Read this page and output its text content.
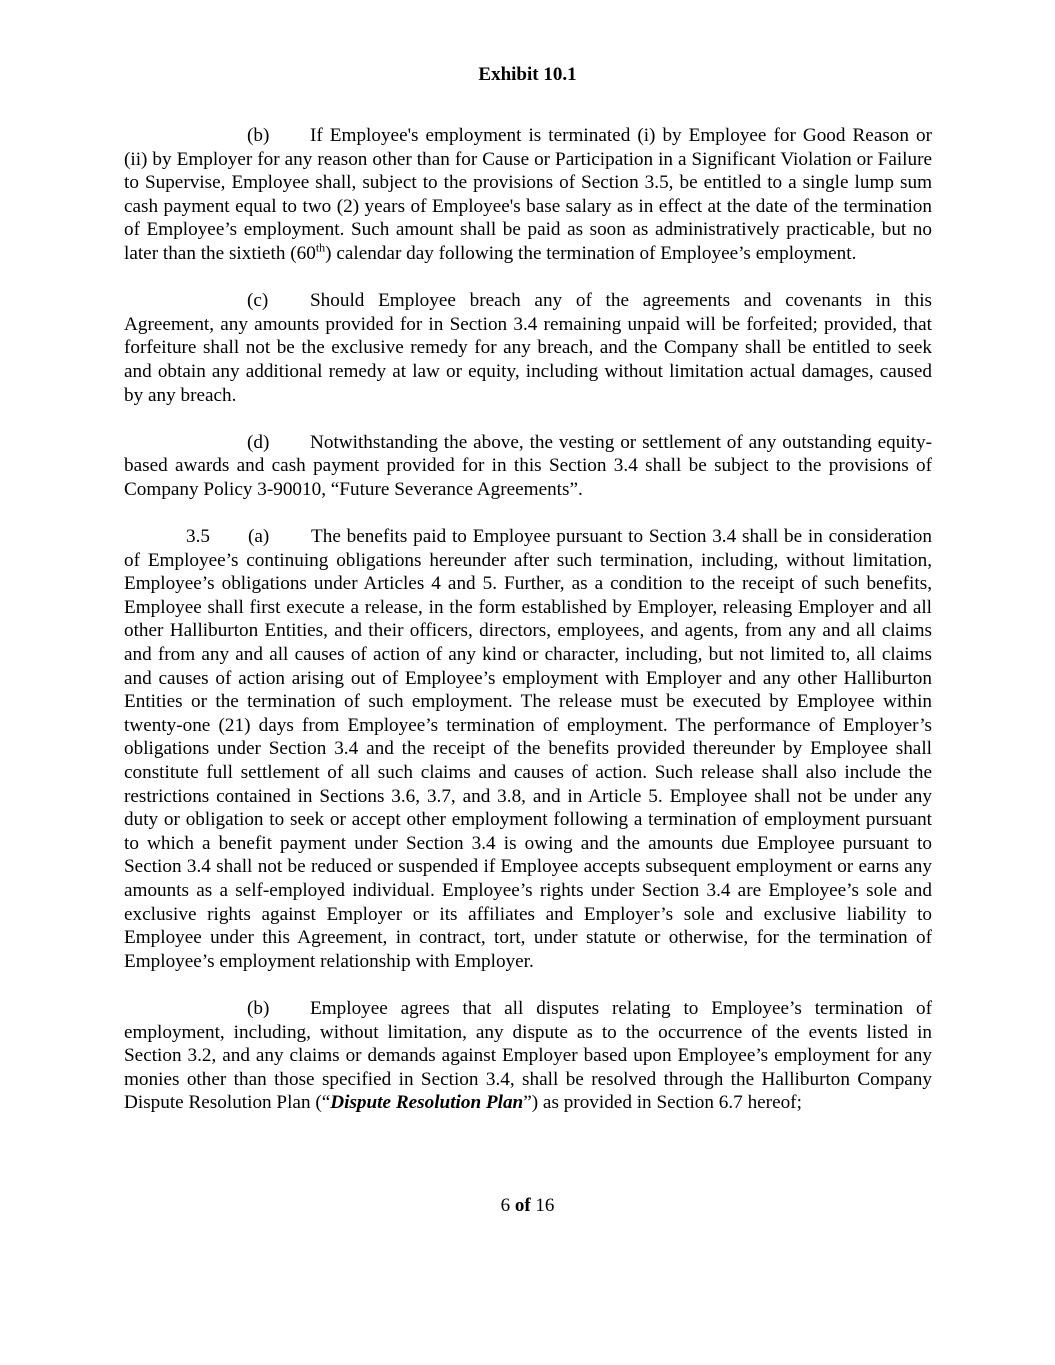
Exhibit 10.1

(b) If Employee's employment is terminated (i) by Employee for Good Reason or (ii) by Employer for any reason other than for Cause or Participation in a Significant Violation or Failure to Supervise, Employee shall, subject to the provisions of Section 3.5, be entitled to a single lump sum cash payment equal to two (2) years of Employee's base salary as in effect at the date of the termination of Employee’s employment. Such amount shall be paid as soon as administratively practicable, but no later than the sixtieth (60th) calendar day following the termination of Employee’s employment.

(c) Should Employee breach any of the agreements and covenants in this Agreement, any amounts provided for in Section 3.4 remaining unpaid will be forfeited; provided, that forfeiture shall not be the exclusive remedy for any breach, and the Company shall be entitled to seek and obtain any additional remedy at law or equity, including without limitation actual damages, caused by any breach.

(d) Notwithstanding the above, the vesting or settlement of any outstanding equity-based awards and cash payment provided for in this Section 3.4 shall be subject to the provisions of Company Policy 3-90010, “Future Severance Agreements”.

3.5 (a) The benefits paid to Employee pursuant to Section 3.4 shall be in consideration of Employee’s continuing obligations hereunder after such termination, including, without limitation, Employee’s obligations under Articles 4 and 5. Further, as a condition to the receipt of such benefits, Employee shall first execute a release, in the form established by Employer, releasing Employer and all other Halliburton Entities, and their officers, directors, employees, and agents, from any and all claims and from any and all causes of action of any kind or character, including, but not limited to, all claims and causes of action arising out of Employee’s employment with Employer and any other Halliburton Entities or the termination of such employment. The release must be executed by Employee within twenty-one (21) days from Employee’s termination of employment. The performance of Employer’s obligations under Section 3.4 and the receipt of the benefits provided thereunder by Employee shall constitute full settlement of all such claims and causes of action. Such release shall also include the restrictions contained in Sections 3.6, 3.7, and 3.8, and in Article 5. Employee shall not be under any duty or obligation to seek or accept other employment following a termination of employment pursuant to which a benefit payment under Section 3.4 is owing and the amounts due Employee pursuant to Section 3.4 shall not be reduced or suspended if Employee accepts subsequent employment or earns any amounts as a self-employed individual. Employee’s rights under Section 3.4 are Employee’s sole and exclusive rights against Employer or its affiliates and Employer’s sole and exclusive liability to Employee under this Agreement, in contract, tort, under statute or otherwise, for the termination of Employee’s employment relationship with Employer.

(b) Employee agrees that all disputes relating to Employee’s termination of employment, including, without limitation, any dispute as to the occurrence of the events listed in Section 3.2, and any claims or demands against Employer based upon Employee’s employment for any monies other than those specified in Section 3.4, shall be resolved through the Halliburton Company Dispute Resolution Plan (“Dispute Resolution Plan”) as provided in Section 6.7 hereof;

6 of 16
